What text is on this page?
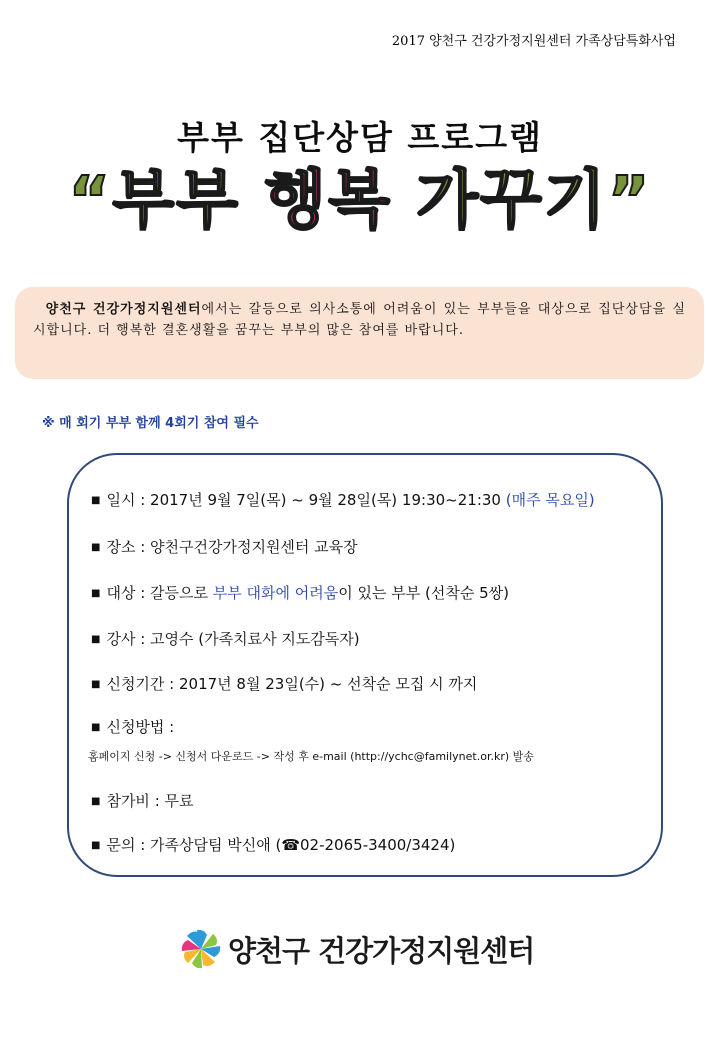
2017 양천구 건강가정지원센터 가족상담특화사업
부부 집단상담 프로그램
“부부 행복 가꾸기”
양천구 건강가정지원센터에서는 갈등으로 의사소통에 어려움이 있는 부부들을 대상으로 집단상담을 실시합니다. 더 행복한 결혼생활을 꿈꾸는 부부의 많은 참여를 바랍니다.
※ 매 회기 부부 함께 4회기 참여 필수
■ 일시 : 2017년 9월 7일(목) ~ 9월 28일(목) 19:30~21:30 (매주 목요일)
■ 장소 : 양천구건강가정지원센터 교육장
■ 대상 : 갈등으로 부부 대화에 어려움이 있는 부부 (선착순 5쌍)
■ 강사 : 고영수 (가족치료사 지도감독자)
■ 신청기간 : 2017년 8월 23일(수) ~ 선착순 모집 시 까지
■ 신청방법 :
홈페이지 신청 -> 신청서 다운로드 -> 작성 후 e-mail (http://ychc@familynet.or.kr) 발송
■ 참가비 : 무료
■ 문의 : 가족상담팀 박신애 (☎02-2065-3400/3424)
양천구 건강가정지원센터
